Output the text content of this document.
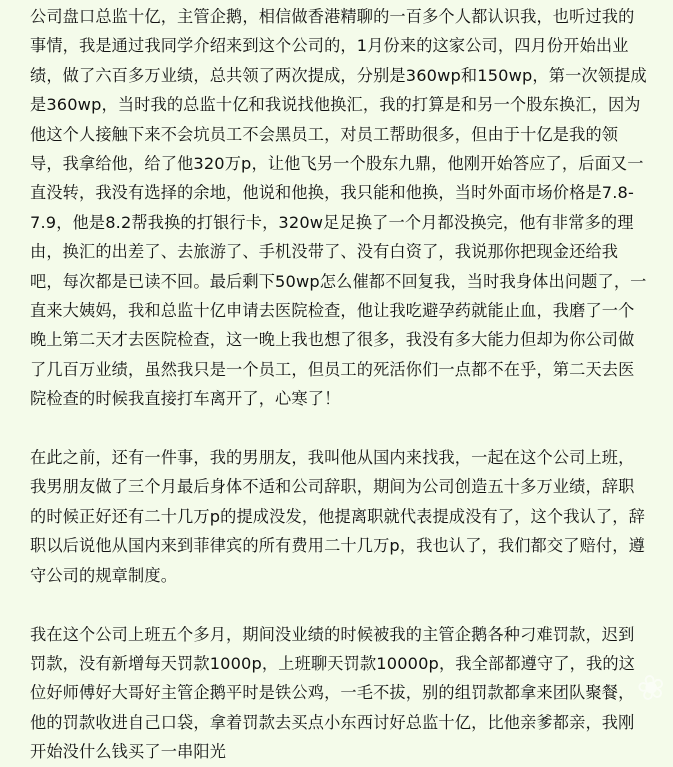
公司盘口总监十亿，主管企鹅，相信做香港精聊的一百多个人都认识我，也听过我的事情，我是通过我同学介绍来到这个公司的，1月份来的这家公司，四月份开始出业绩，做了六百多万业绩，总共领了两次提成，分别是360wp和150wp，第一次领提成是360wp，当时我的总监十亿和我说找他换汇，我的打算是和另一个股东换汇，因为他这个人接触下来不会坑员工不会黑员工，对员工帮助很多，但由于十亿是我的领导，我拿给他，给了他320万p，让他飞另一个股东九鼎，他刚开始答应了，后面又一直没转，我没有选择的余地，他说和他换，我只能和他换，当时外面市场价格是7.8-7.9，他是8.2帮我换的打银行卡，320w足足换了一个月都没换完，他有非常多的理由，换汇的出差了、去旅游了、手机没带了、没有白资了，我说那你把现金还给我吧，每次都是已读不回。最后剩下50wp怎么催都不回复我，当时我身体出问题了，一直来大姨妈，我和总监十亿申请去医院检查，他让我吃避孕药就能止血，我磨了一个晚上第二天才去医院检查，这一晚上我也想了很多，我没有多大能力但却为你公司做了几百万业绩，虽然我只是一个员工，但员工的死活你们一点都不在乎，第二天去医院检查的时候我直接打车离开了，心寒了！

在此之前，还有一件事，我的男朋友，我叫他从国内来找我，一起在这个公司上班，我男朋友做了三个月最后身体不适和公司辞职，期间为公司创造五十多万业绩，辞职的时候正好还有二十几万p的提成没发，他提离职就代表提成没有了，这个我认了，辞职以后说他从国内来到菲律宾的所有费用二十几万p，我也认了，我们都交了赔付，遵守公司的规章制度。

我在这个公司上班五个多月，期间没业绩的时候被我的主管企鹅各种刁难罚款，迟到罚款，没有新增每天罚款1000p，上班聊天罚款10000p，我全部都遵守了，我的这位好师傅好大哥好主管企鹅平时是铁公鸡，一毛不拔，别的组罚款都拿来团队聚餐，他的罚款收进自己口袋，拿着罚款去买点小东西讨好总监十亿，比他亲爹都亲，我刚开始没什么钱买了一串阳光

❀
